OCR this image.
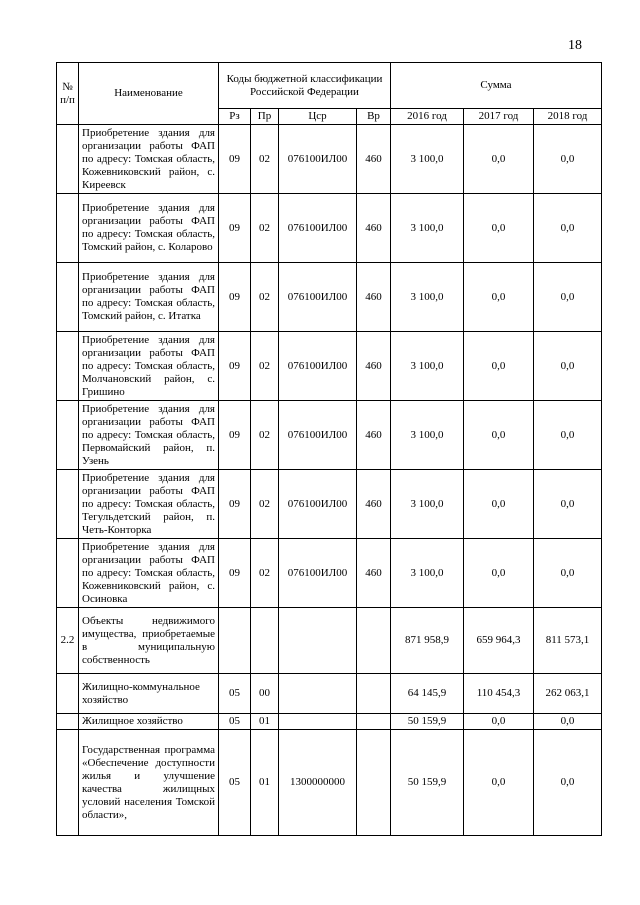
18
№ п/п	Наименование	Коды бюджетной классификации Российской Федерации				Сумма		
		Рз	Пр	Цср	Вр	2016 год	2017 год	2018 год
	Приобретение здания для организации работы ФАП по адресу: Томская область, Кожевниковский район, с. Киреевск	09	02	076100ИЛ00	460	3 100,0	0,0	0,0
	Приобретение здания для организации работы ФАП по адресу: Томская область, Томский район, с. Коларово	09	02	076100ИЛ00	460	3 100,0	0,0	0,0
	Приобретение здания для организации работы ФАП по адресу: Томская область, Томский район, с. Итатка	09	02	076100ИЛ00	460	3 100,0	0,0	0,0
	Приобретение здания для организации работы ФАП по адресу: Томская область, Молчановский район, с. Гришино	09	02	076100ИЛ00	460	3 100,0	0,0	0,0
	Приобретение здания для организации работы ФАП по адресу: Томская область, Первомайский район, п. Узень	09	02	076100ИЛ00	460	3 100,0	0,0	0,0
	Приобретение здания для организации работы ФАП по адресу: Томская область, Тегульдетский район, п. Четь-Конторка	09	02	076100ИЛ00	460	3 100,0	0,0	0,0
	Приобретение здания для организации работы ФАП по адресу: Томская область, Кожевниковский район, с. Осиновка	09	02	076100ИЛ00	460	3 100,0	0,0	0,0
2.2	Объекты недвижимого имущества, приобретаемые в муниципальную собственность					871 958,9	659 964,3	811 573,1
	Жилищно-коммунальное хозяйство	05	00			64 145,9	110 454,3	262 063,1
	Жилищное хозяйство	05	01			50 159,9	0,0	0,0
	Государственная программа «Обеспечение доступности жилья и улучшение качества жилищных условий населения Томской области»,	05	01	1300000000		50 159,9	0,0	0,0
